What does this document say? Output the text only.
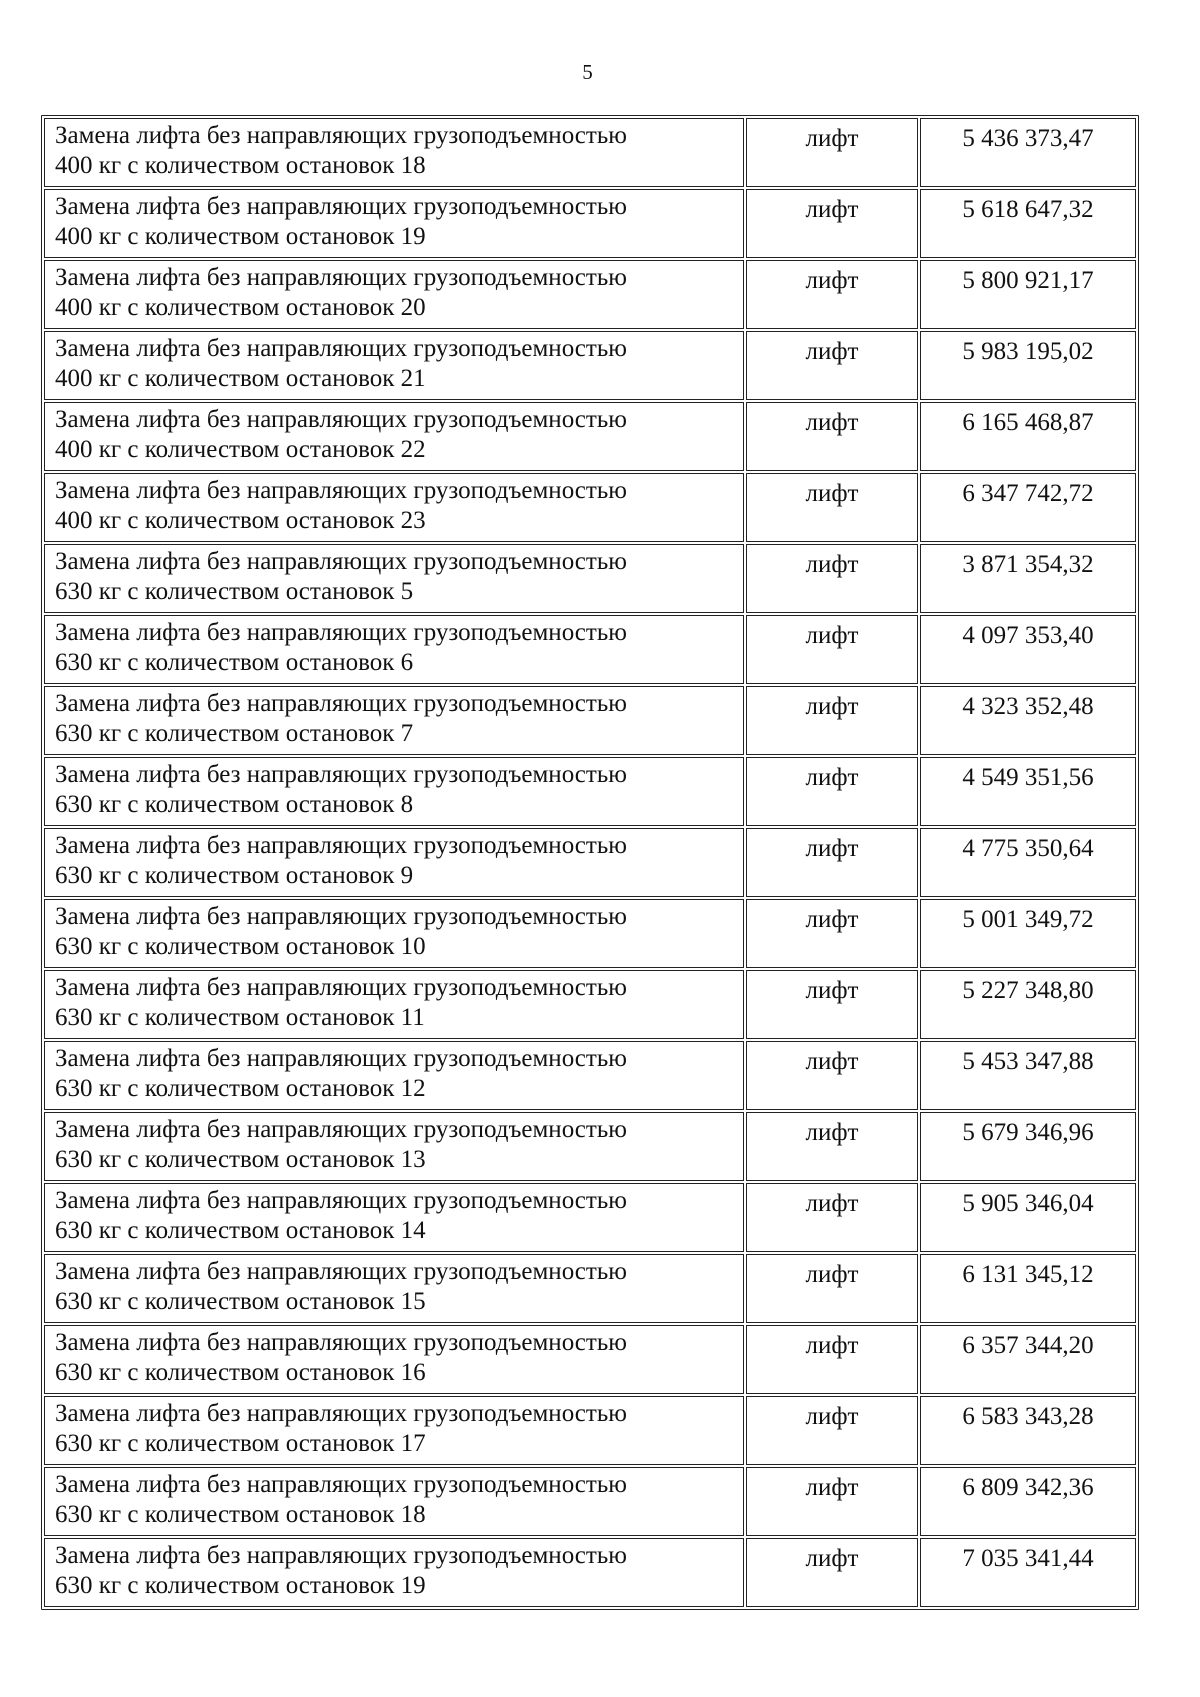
5
Замена лифта без направляющих грузоподъемностью
400 кг с количеством остановок 18	лифт	5 436 373,47

Замена лифта без направляющих грузоподъемностью
400 кг с количеством остановок 19	лифт	5 618 647,32

Замена лифта без направляющих грузоподъемностью
400 кг с количеством остановок 20	лифт	5 800 921,17

Замена лифта без направляющих грузоподъемностью
400 кг с количеством остановок 21	лифт	5 983 195,02

Замена лифта без направляющих грузоподъемностью
400 кг с количеством остановок 22	лифт	6 165 468,87

Замена лифта без направляющих грузоподъемностью
400 кг с количеством остановок 23	лифт	6 347 742,72

Замена лифта без направляющих грузоподъемностью
630 кг с количеством остановок 5	лифт	3 871 354,32

Замена лифта без направляющих грузоподъемностью
630 кг с количеством остановок 6	лифт	4 097 353,40

Замена лифта без направляющих грузоподъемностью
630 кг с количеством остановок 7	лифт	4 323 352,48

Замена лифта без направляющих грузоподъемностью
630 кг с количеством остановок 8	лифт	4 549 351,56

Замена лифта без направляющих грузоподъемностью
630 кг с количеством остановок 9	лифт	4 775 350,64

Замена лифта без направляющих грузоподъемностью
630 кг с количеством остановок 10	лифт	5 001 349,72

Замена лифта без направляющих грузоподъемностью
630 кг с количеством остановок 11	лифт	5 227 348,80

Замена лифта без направляющих грузоподъемностью
630 кг с количеством остановок 12	лифт	5 453 347,88

Замена лифта без направляющих грузоподъемностью
630 кг с количеством остановок 13	лифт	5 679 346,96

Замена лифта без направляющих грузоподъемностью
630 кг с количеством остановок 14	лифт	5 905 346,04

Замена лифта без направляющих грузоподъемностью
630 кг с количеством остановок 15	лифт	6 131 345,12

Замена лифта без направляющих грузоподъемностью
630 кг с количеством остановок 16	лифт	6 357 344,20

Замена лифта без направляющих грузоподъемностью
630 кг с количеством остановок 17	лифт	6 583 343,28

Замена лифта без направляющих грузоподъемностью
630 кг с количеством остановок 18	лифт	6 809 342,36

Замена лифта без направляющих грузоподъемностью
630 кг с количеством остановок 19	лифт	7 035 341,44
